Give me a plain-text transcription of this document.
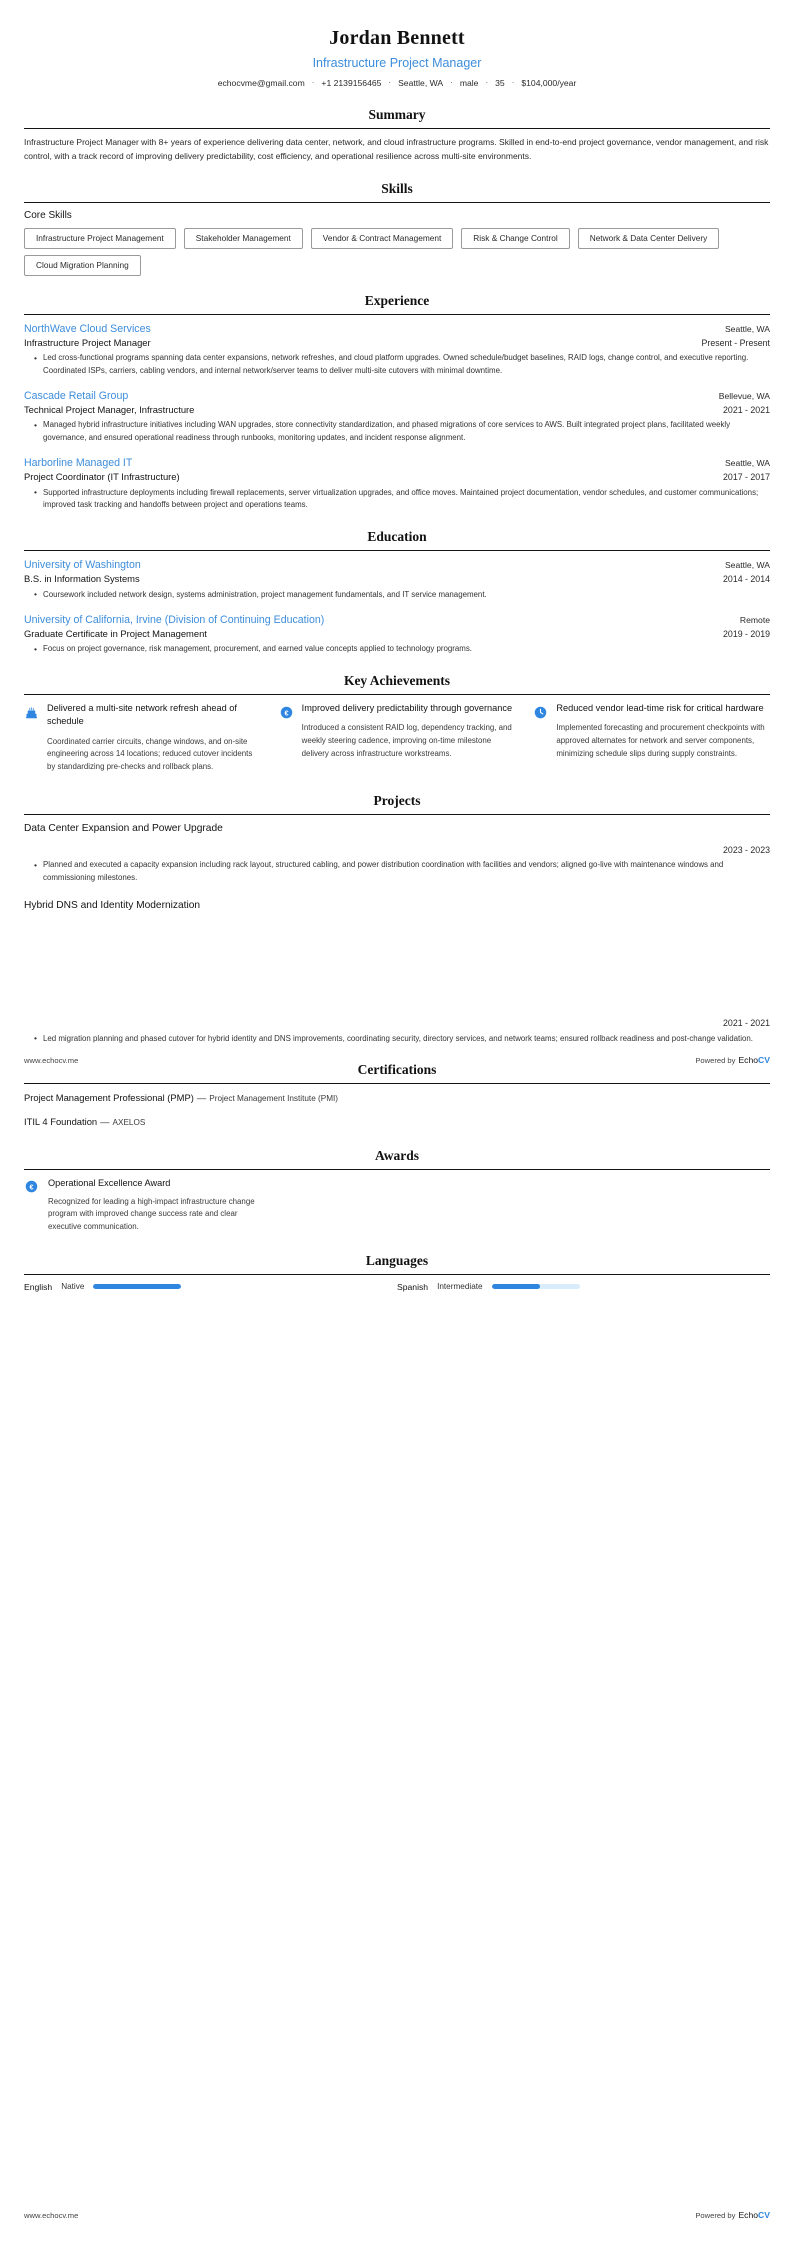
Jordan Bennett
Infrastructure Project Manager
echocvme@gmail.com · +1 2139156465 · Seattle, WA · male · 35 · $104,000/year
Summary
Infrastructure Project Manager with 8+ years of experience delivering data center, network, and cloud infrastructure programs. Skilled in end-to-end project governance, vendor management, and risk control, with a track record of improving delivery predictability, cost efficiency, and operational resilience across multi-site environments.
Skills
Core Skills
Infrastructure Project Management	Stakeholder Management	Vendor & Contract Management	Risk & Change Control	Network & Data Center Delivery
Cloud Migration Planning
Experience
NorthWave Cloud Services	Seattle, WA
Infrastructure Project Manager	Present - Present
• Led cross-functional programs spanning data center expansions, network refreshes, and cloud platform upgrades. Owned schedule/budget baselines, RAID logs, change control, and executive reporting. Coordinated ISPs, carriers, cabling vendors, and internal network/server teams to deliver multi-site cutovers with minimal downtime.
Cascade Retail Group	Bellevue, WA
Technical Project Manager, Infrastructure	2021 - 2021
• Managed hybrid infrastructure initiatives including WAN upgrades, store connectivity standardization, and phased migrations of core services to AWS. Built integrated project plans, facilitated weekly governance, and ensured operational readiness through runbooks, monitoring updates, and incident response alignment.
Harborline Managed IT	Seattle, WA
Project Coordinator (IT Infrastructure)	2017 - 2017
• Supported infrastructure deployments including firewall replacements, server virtualization upgrades, and office moves. Maintained project documentation, vendor schedules, and customer communications; improved task tracking and handoffs between project and operations teams.
Education
University of Washington	Seattle, WA
B.S. in Information Systems	2014 - 2014
• Coursework included network design, systems administration, project management fundamentals, and IT service management.
University of California, Irvine (Division of Continuing Education)	Remote
Graduate Certificate in Project Management	2019 - 2019
• Focus on project governance, risk management, procurement, and earned value concepts applied to technology programs.
Key Achievements
Delivered a multi-site network refresh ahead of schedule
Coordinated carrier circuits, change windows, and on-site engineering across 14 locations; reduced cutover incidents by standardizing pre-checks and rollback plans.
€
Improved delivery predictability through governance
Introduced a consistent RAID log, dependency tracking, and weekly steering cadence, improving on-time milestone delivery across infrastructure workstreams.
Reduced vendor lead-time risk for critical hardware
Implemented forecasting and procurement checkpoints with approved alternates for network and server components, minimizing schedule slips during supply constraints.
Projects
Data Center Expansion and Power Upgrade
2023 - 2023
• Planned and executed a capacity expansion including rack layout, structured cabling, and power distribution coordination with facilities and vendors; aligned go-live with maintenance windows and commissioning milestones.
Hybrid DNS and Identity Modernization
2021 - 2021
• Led migration planning and phased cutover for hybrid identity and DNS improvements, coordinating security, directory services, and network teams; ensured rollback readiness and post-change validation.
Certifications
Project Management Professional (PMP) — Project Management Institute (PMI)
ITIL 4 Foundation — AXELOS
Awards
€ Operational Excellence Award
Recognized for leading a high-impact infrastructure change program with improved change success rate and clear executive communication.
Languages
English Native	Spanish Intermediate
www.echocv.me	Powered by EchoCV
www.echocv.me	Powered by EchoCV
